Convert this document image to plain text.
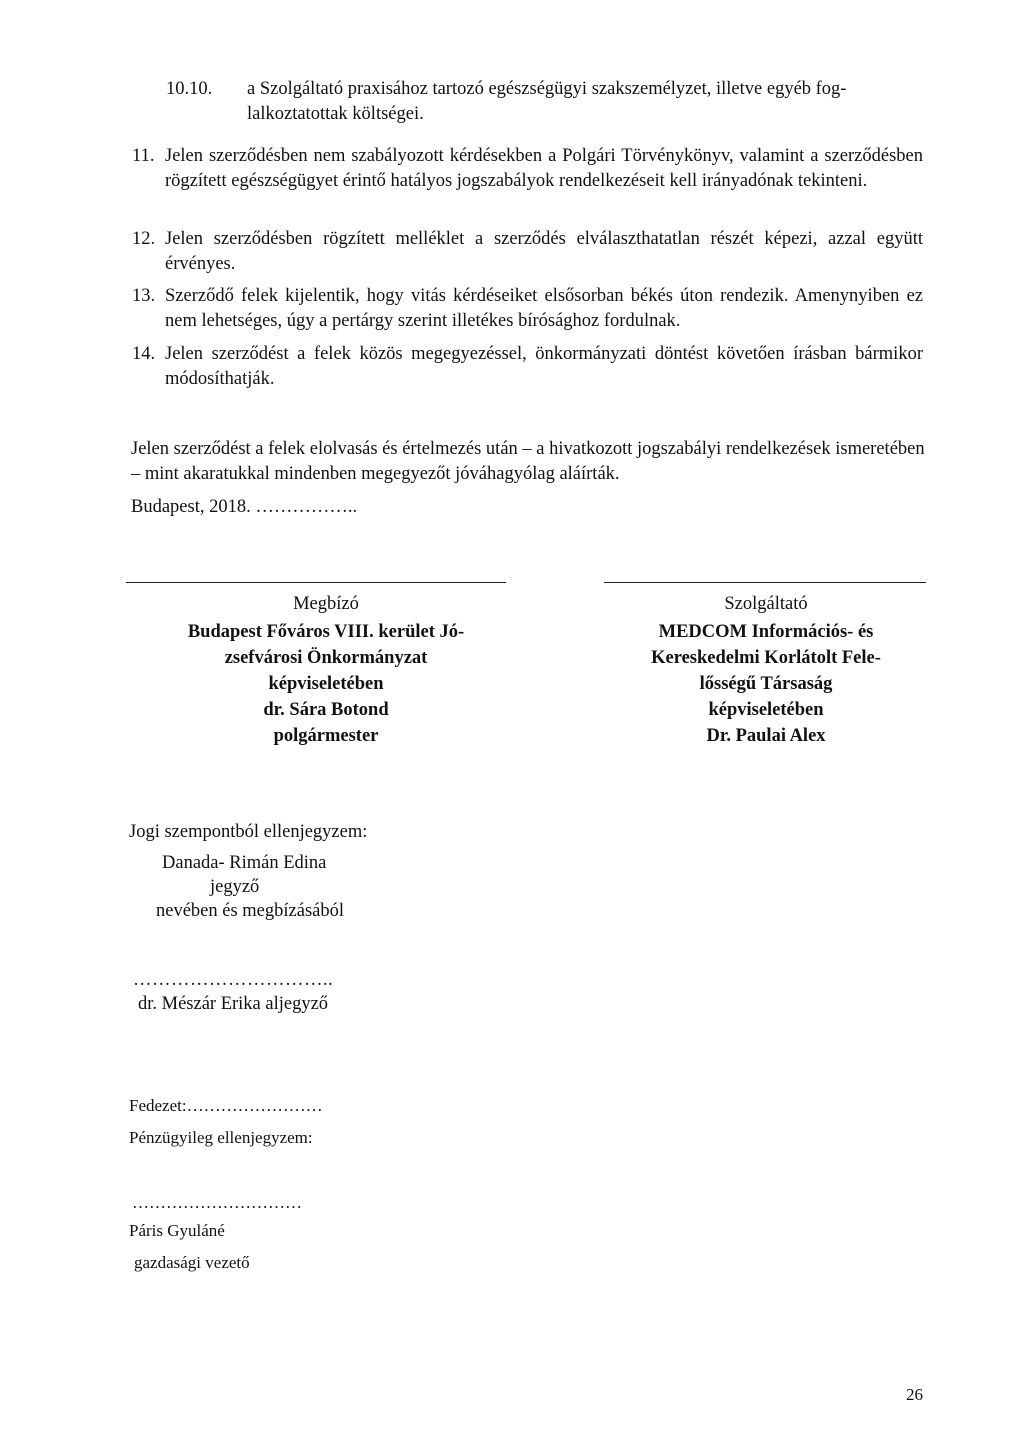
10.10. a Szolgáltató praxisához tartozó egészségügyi szakszemélyzet, illetve egyéb fog-lalkoztatottak költségei.
11. Jelen szerződésben nem szabályozott kérdésekben a Polgári Törvénykönyv, valamint a szerződésben rögzített egészségügyet érintő hatályos jogszabályok rendelkezéseit kell irányadónak tekinteni.
12. Jelen szerződésben rögzített melléklet a szerződés elválaszthatatlan részét képezi, azzal együtt érvényes.
13. Szerződő felek kijelentik, hogy vitás kérdéseiket elsősorban békés úton rendezik. Amenynyiben ez nem lehetséges, úgy a pertárgy szerint illetékes bírósághoz fordulnak.
14. Jelen szerződést a felek közös megegyezéssel, önkormányzati döntést követően írásban bármikor módosíthatják.
Jelen szerződést a felek elolvasás és értelmezés után – a hivatkozott jogszabályi rendelkezések ismeretében – mint akaratukkal mindenben megegyezőt jóváhagyólag aláírták.
Budapest, 2018. ……………..
Megbízó
Budapest Főváros VIII. kerület Jó-
zsefvárosi Önkormányzat
képviseletében
dr. Sára Botond
polgármester
Szolgáltató
MEDCOM Információs- és
Kereskedelmi Korlátolt Fele-
lősségű Társaság
képviseletében
Dr. Paulai Alex
Jogi szempontból ellenjegyzem:
Danada- Rimán Edina
jegyző
nevében és megbízásából
…………………………..
dr. Mészár Erika aljegyző
Fedezet:……………………
Pénzügyileg ellenjegyzem:
…………………………
Páris Gyuláné
gazdasági vezető
26
